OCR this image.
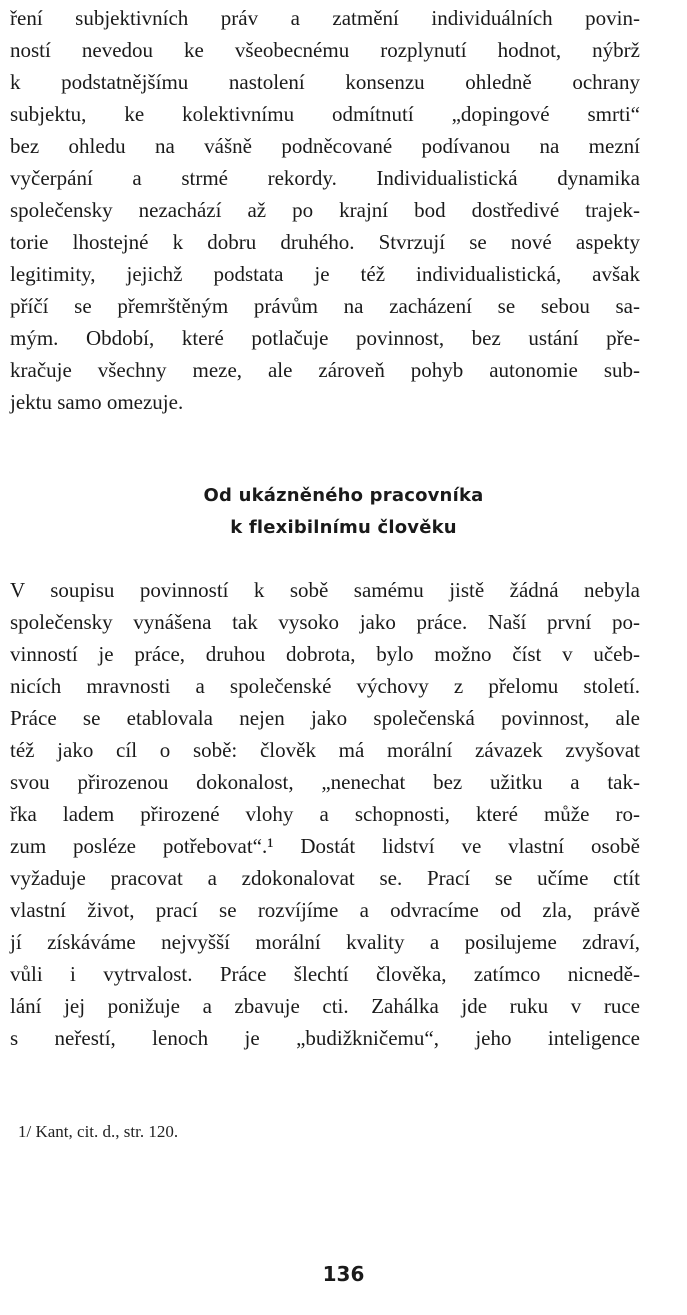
ření subjektivních práv a zatmění individuálních povin-
ností nevedou ke všeobecnému rozplynutí hodnot, nýbrž
k podstatnějšímu nastolení konsenzu ohledně ochrany
subjektu, ke kolektivnímu odmítnutí „dopingové smrti“
bez ohledu na vášně podněcované podívanou na mezní
vyčerpání a strmé rekordy. Individualistická dynamika
společensky nezachází až po krajní bod dostředivé trajek-
torie lhostejné k dobru druhého. Stvrzují se nové aspekty
legitimity, jejichž podstata je též individualistická, avšak
příčí se přemrštěným právům na zacházení se sebou sa-
mým. Období, které potlačuje povinnost, bez ustání pře-
kračuje všechny meze, ale zároveň pohyb autonomie sub-
jektu samo omezuje.
Od ukázněného pracovníka
k flexibilnímu člověku
V soupisu povinností k sobě samému jistě žádná nebyla
společensky vynášena tak vysoko jako práce. Naší první po-
vinností je práce, druhou dobrota, bylo možno číst v učeb-
nicích mravnosti a společenské výchovy z přelomu století.
Práce se etablovala nejen jako společenská povinnost, ale
též jako cíl o sobě: člověk má morální závazek zvyšovat
svou přirozenou dokonalost, „nenechat bez užitku a tak-
řka ladem přirozené vlohy a schopnosti, které může ro-
zum posléze potřebovat“.¹ Dostát lidství ve vlastní osobě
vyžaduje pracovat a zdokonalovat se. Prací se učíme ctít
vlastní život, prací se rozvíjíme a odvracíme od zla, právě
jí získáváme nejvyšší morální kvality a posilujeme zdraví,
vůli i vytrvalost. Práce šlechtí člověka, zatímco nicnedě-
lání jej ponižuje a zbavuje cti. Zahálka jde ruku v ruce
s neřestí, lenoch je „budižkničemu“, jeho inteligence
1/ Kant, cit. d., str. 120.
136
